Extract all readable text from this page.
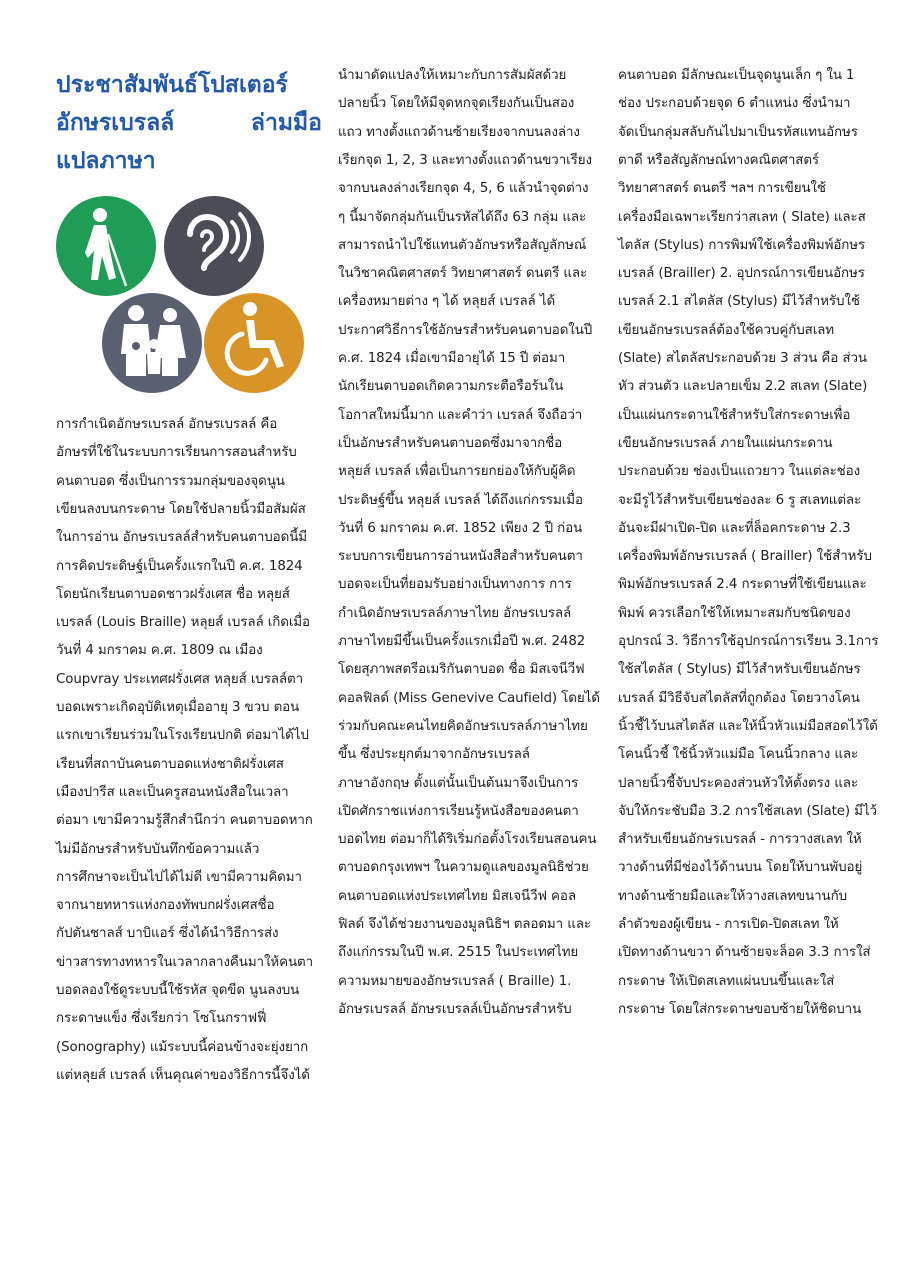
ประชาสัมพันธ์โปสเตอร์
อักษรเบรลล์	ล่ามมือ
แปลภาษา
การกำเนิดอักษรเบรลล์ อักษรเบรลล์ คือ
อักษรที่ใช้ในระบบการเรียนการสอนสำหรับ
คนตาบอด ซึ่งเป็นการรวมกลุ่มของจุดนูน
เขียนลงบนกระดาษ โดยใช้ปลายนิ้วมือสัมผัส
ในการอ่าน อักษรเบรลล์สำหรับคนตาบอดนี้มี
การคิดประดิษฐ์เป็นครั้งแรกในปี ค.ศ. 1824
โดยนักเรียนตาบอดชาวฝรั่งเศส ชื่อ หลุยส์
เบรลล์ (Louis Braille) หลุยส์ เบรลล์ เกิดเมื่อ
วันที่ 4 มกราคม ค.ศ. 1809 ณ เมือง
Coupvray ประเทศฝรั่งเศส หลุยส์ เบรลล์ตา
บอดเพราะเกิดอุบัติเหตุเมื่ออายุ 3 ขวบ ตอน
แรกเขาเรียนร่วมในโรงเรียนปกติ ต่อมาได้ไป
เรียนที่สถาบันคนตาบอดแห่งชาติฝรั่งเศส
เมืองปารีส และเป็นครูสอนหนังสือในเวลา
ต่อมา เขามีความรู้สึกสำนึกว่า คนตาบอดหาก
ไม่มีอักษรสำหรับบันทึกข้อความแล้ว
การศึกษาจะเป็นไปได้ไม่ดี เขามีความคิดมา
จากนายทหารแห่งกองทัพบกฝรั่งเศสชื่อ
กัปตันชาลส์ บาบิแอร์ ซึ่งได้นำวิธีการส่ง
ข่าวสารทางทหารในเวลากลางคืนมาให้คนตา
บอดลองใช้ดูระบบนี้ใช้รหัส จุดขีด นูนลงบน
กระดาษแข็ง ซึ่งเรียกว่า โซโนกราฟฟี่
(Sonography) แม้ระบบนี้ค่อนข้างจะยุ่งยาก
แต่หลุยส์ เบรลล์ เห็นคุณค่าของวิธีการนี้จึงได้
นำมาดัดแปลงให้เหมาะกับการสัมผัสด้วย
ปลายนิ้ว โดยให้มีจุดหกจุดเรียงกันเป็นสอง
แถว ทางตั้งแถวด้านซ้ายเรียงจากบนลงล่าง
เรียกจุด 1, 2, 3 และทางตั้งแถวด้านขวาเรียง
จากบนลงล่างเรียกจุด 4, 5, 6 แล้วนำจุดต่าง
ๆ นี้มาจัดกลุ่มกันเป็นรหัสได้ถึง 63 กลุ่ม และ
สามารถนำไปใช้แทนตัวอักษรหรือสัญลักษณ์
ในวิชาคณิตศาสตร์ วิทยาศาสตร์ ดนตรี และ
เครื่องหมายต่าง ๆ ได้ หลุยส์ เบรลล์ ได้
ประกาศวิธีการใช้อักษรสำหรับคนตาบอดในปี
ค.ศ. 1824 เมื่อเขามีอายุได้ 15 ปี ต่อมา
นักเรียนตาบอดเกิดความกระตือรือร้นใน
โอกาสใหม่นี้มาก และคำว่า เบรลล์ จึงถือว่า
เป็นอักษรสำหรับคนตาบอดซึ่งมาจากชื่อ
หลุยส์ เบรลล์ เพื่อเป็นการยกย่องให้กับผู้คิด
ประดิษฐ์ขึ้น หลุยส์ เบรลล์ ได้ถึงแก่กรรมเมื่อ
วันที่ 6 มกราคม ค.ศ. 1852 เพียง 2 ปี ก่อน
ระบบการเขียนการอ่านหนังสือสำหรับคนตา
บอดจะเป็นที่ยอมรับอย่างเป็นทางการ การ
กำเนิดอักษรเบรลล์ภาษาไทย อักษรเบรลล์
ภาษาไทยมีขึ้นเป็นครั้งแรกเมื่อปี พ.ศ. 2482
โดยสุภาพสตรีอเมริกันตาบอด ชื่อ มิสเจนีวีฟ
คอลฟิลด์ (Miss Genevive Caufield) โดยได้
ร่วมกับคณะคนไทยคิดอักษรเบรลล์ภาษาไทย
ขึ้น ซึ่งประยุกต์มาจากอักษรเบรลล์
ภาษาอังกฤษ ตั้งแต่นั้นเป็นต้นมาจึงเป็นการ
เปิดศักราชแห่งการเรียนรู้หนังสือของคนตา
บอดไทย ต่อมาก็ได้ริเริ่มก่อตั้งโรงเรียนสอนคน
ตาบอดกรุงเทพฯ ในความดูแลของมูลนิธิช่วย
คนตาบอดแห่งประเทศไทย มิสเจนีวีฟ คอล
ฟิลด์ จึงได้ช่วยงานของมูลนิธิฯ ตลอดมา และ
ถึงแก่กรรมในปี พ.ศ. 2515 ในประเทศไทย
ความหมายของอักษรเบรลล์ ( Braille) 1.
อักษรเบรลล์ อักษรเบรลล์เป็นอักษรสำหรับ
คนตาบอด มีลักษณะเป็นจุดนูนเล็ก ๆ ใน 1
ช่อง ประกอบด้วยจุด 6 ตำแหน่ง ซึ่งนำมา
จัดเป็นกลุ่มสลับกันไปมาเป็นรหัสแทนอักษร
ตาดี หรือสัญลักษณ์ทางคณิตศาสตร์
วิทยาศาสตร์ ดนตรี ฯลฯ การเขียนใช้
เครื่องมือเฉพาะเรียกว่าสเลท ( Slate) และส
ไตลัส (Stylus) การพิมพ์ใช้เครื่องพิมพ์อักษร
เบรลล์ (Brailler) 2. อุปกรณ์การเขียนอักษร
เบรลล์ 2.1 สไตลัส (Stylus) มีไว้สำหรับใช้
เขียนอักษรเบรลล์ต้องใช้ควบคู่กับสเลท
(Slate) สไตลัสประกอบด้วย 3 ส่วน คือ ส่วน
หัว ส่วนตัว และปลายเข็ม 2.2 สเลท (Slate)
เป็นแผ่นกระดานใช้สำหรับใส่กระดาษเพื่อ
เขียนอักษรเบรลล์ ภายในแผ่นกระดาน
ประกอบด้วย ช่องเป็นแถวยาว ในแต่ละช่อง
จะมีรูไว้สำหรับเขียนช่องละ 6 รู สเลทแต่ละ
อันจะมีฝาเปิด-ปิด และที่ล็อคกระดาษ 2.3
เครื่องพิมพ์อักษรเบรลล์ ( Brailler) ใช้สำหรับ
พิมพ์อักษรเบรลล์ 2.4 กระดาษที่ใช้เขียนและ
พิมพ์ ควรเลือกใช้ให้เหมาะสมกับชนิดของ
อุปกรณ์ 3. วิธีการใช้อุปกรณ์การเรียน 3.1การ
ใช้สไตลัส ( Stylus) มีไว้สำหรับเขียนอักษร
เบรลล์ มีวิธีจับสไตลัสที่ถูกต้อง โดยวางโคน
นิ้วชี้ไว้บนสไตลัส และให้นิ้วหัวแม่มือสอดไว้ใต้
โคนนิ้วชี้ ใช้นิ้วหัวแม่มือ โคนนิ้วกลาง และ
ปลายนิ้วชี้จับประคองส่วนหัวให้ตั้งตรง และ
จับให้กระชับมือ 3.2 การใช้สเลท (Slate) มีไว้
สำหรับเขียนอักษรเบรลล์ - การวางสเลท ให้
วางด้านที่มีช่องไว้ด้านบน โดยให้บานพับอยู่
ทางด้านซ้ายมือและให้วางสเลทขนานกับ
ลำตัวของผู้เขียน - การเปิด-ปิดสเลท ให้
เปิดทางด้านขวา ด้านซ้ายจะล็อค 3.3 การใส่
กระดาษ ให้เปิดสเลทแผ่นบนขึ้นและใส่
กระดาษ โดยใส่กระดาษขอบซ้ายให้ชิดบาน
